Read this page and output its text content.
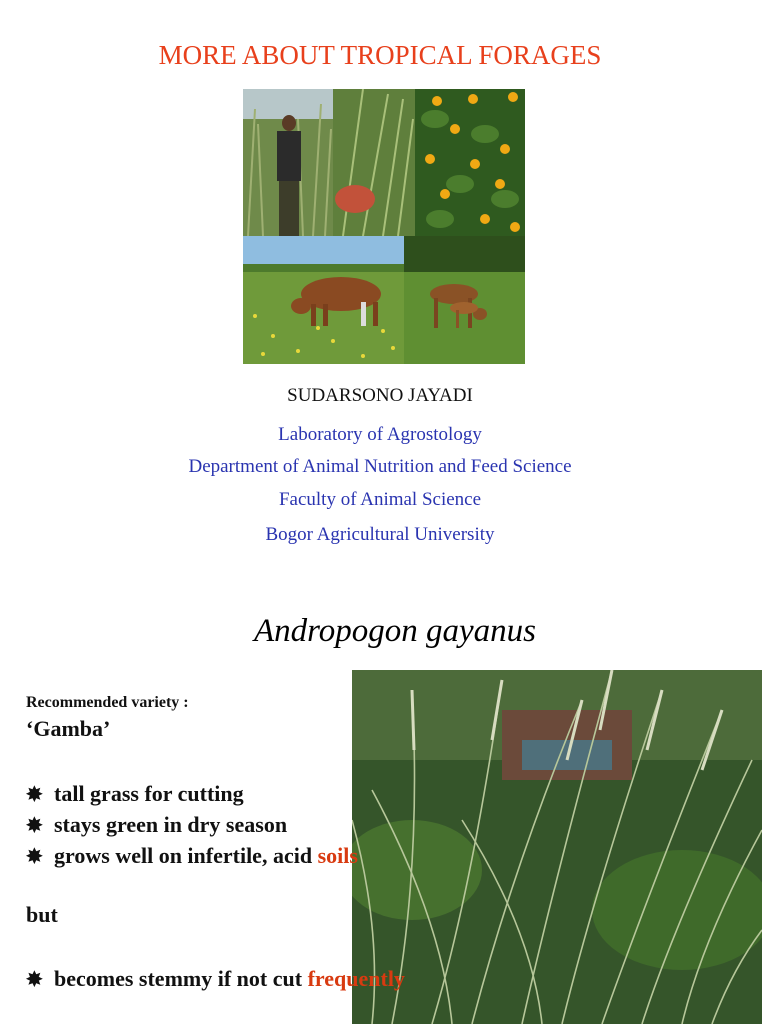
MORE ABOUT TROPICAL FORAGES
SUDARSONO JAYADI
Laboratory of Agrostology
Department of Animal Nutrition and Feed Science
Faculty of Animal Science
Bogor Agricultural University
Andropogon gayanus
Recommended variety :
‘Gamba’
✸ tall grass for cutting
✸ stays green in dry season
but
✸ grows well on infertile, acid soils
✸ becomes stemmy if not cut frequently
